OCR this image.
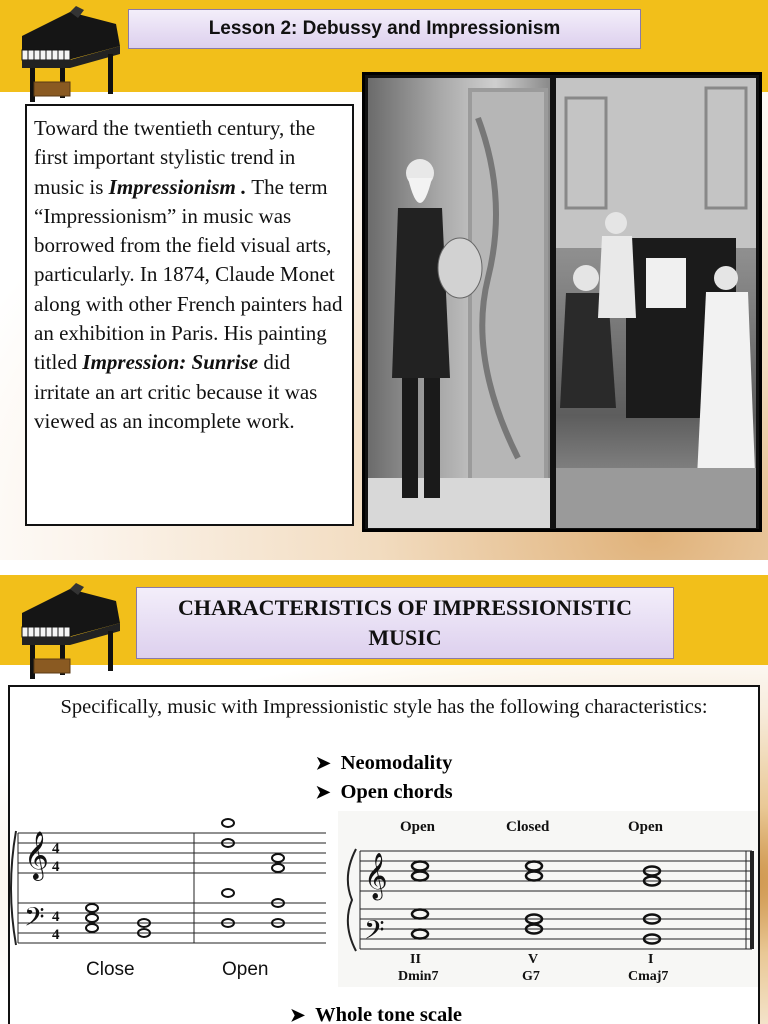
Lesson 2: Debussy and Impressionism
Toward the twentieth century, the first important stylistic trend in music is Impressionism . The term “Impressionism” in music was borrowed from the field visual arts, particularly. In 1874, Claude Monet along with other French painters had an exhibition in Paris. His painting titled Impression: Sunrise did irritate an art critic because it was viewed as an incomplete work.
CHARACTERISTICS OF IMPRESSIONISTIC MUSIC
Specifically, music with Impressionistic style has the following characteristics:
➤ Neomodality
➤ Open chords
𝄞
𝄢
4
4
4
4
Close	Open
Open	Closed	Open
𝄞
𝄢
II	V	I
Dmin7	G7	Cmaj7
➤ Whole tone scale
